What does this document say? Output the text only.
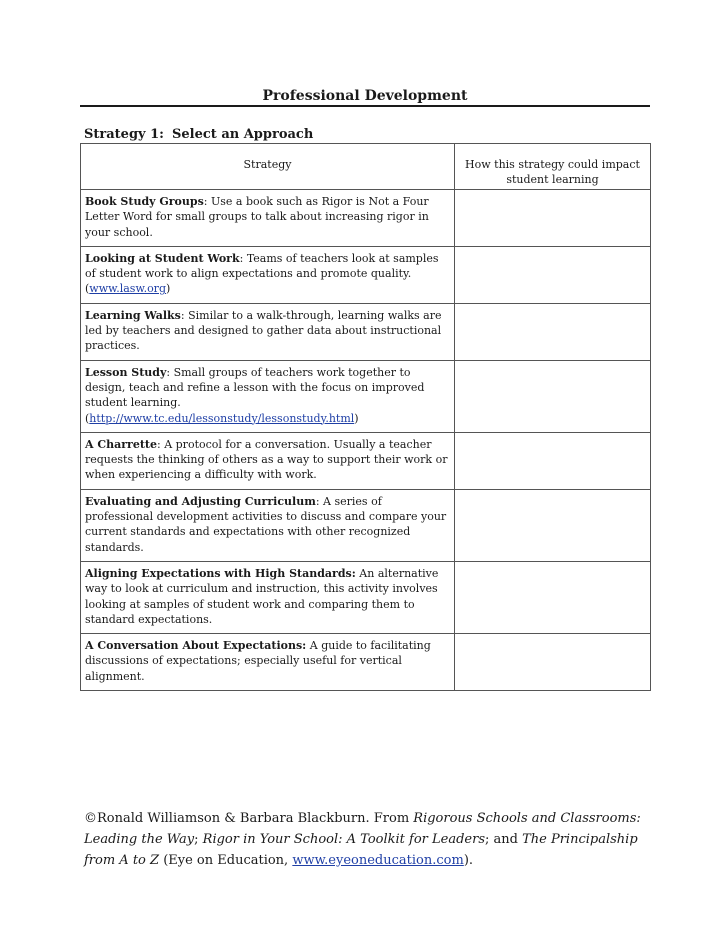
Professional Development
Strategy 1: Select an Approach
Strategy	How this strategy could impact student learning
Book Study Groups: Use a book such as Rigor is Not a Four Letter Word for small groups to talk about increasing rigor in your school.	
Looking at Student Work: Teams of teachers look at samples of student work to align expectations and promote quality. (www.lasw.org)	
Learning Walks: Similar to a walk-through, learning walks are led by teachers and designed to gather data about instructional practices.	
Lesson Study: Small groups of teachers work together to design, teach and refine a lesson with the focus on improved student learning. (http://www.tc.edu/lessonstudy/lessonstudy.html)	
A Charrette: A protocol for a conversation. Usually a teacher requests the thinking of others as a way to support their work or when experiencing a difficulty with work.	
Evaluating and Adjusting Curriculum: A series of professional development activities to discuss and compare your current standards and expectations with other recognized standards.	
Aligning Expectations with High Standards: An alternative way to look at curriculum and instruction, this activity involves looking at samples of student work and comparing them to standard expectations.	
A Conversation About Expectations: A guide to facilitating discussions of expectations; especially useful for vertical alignment.	
©Ronald Williamson & Barbara Blackburn. From Rigorous Schools and Classrooms: Leading the Way; Rigor in Your School: A Toolkit for Leaders; and The Principalship from A to Z (Eye on Education, www.eyeoneducation.com).
